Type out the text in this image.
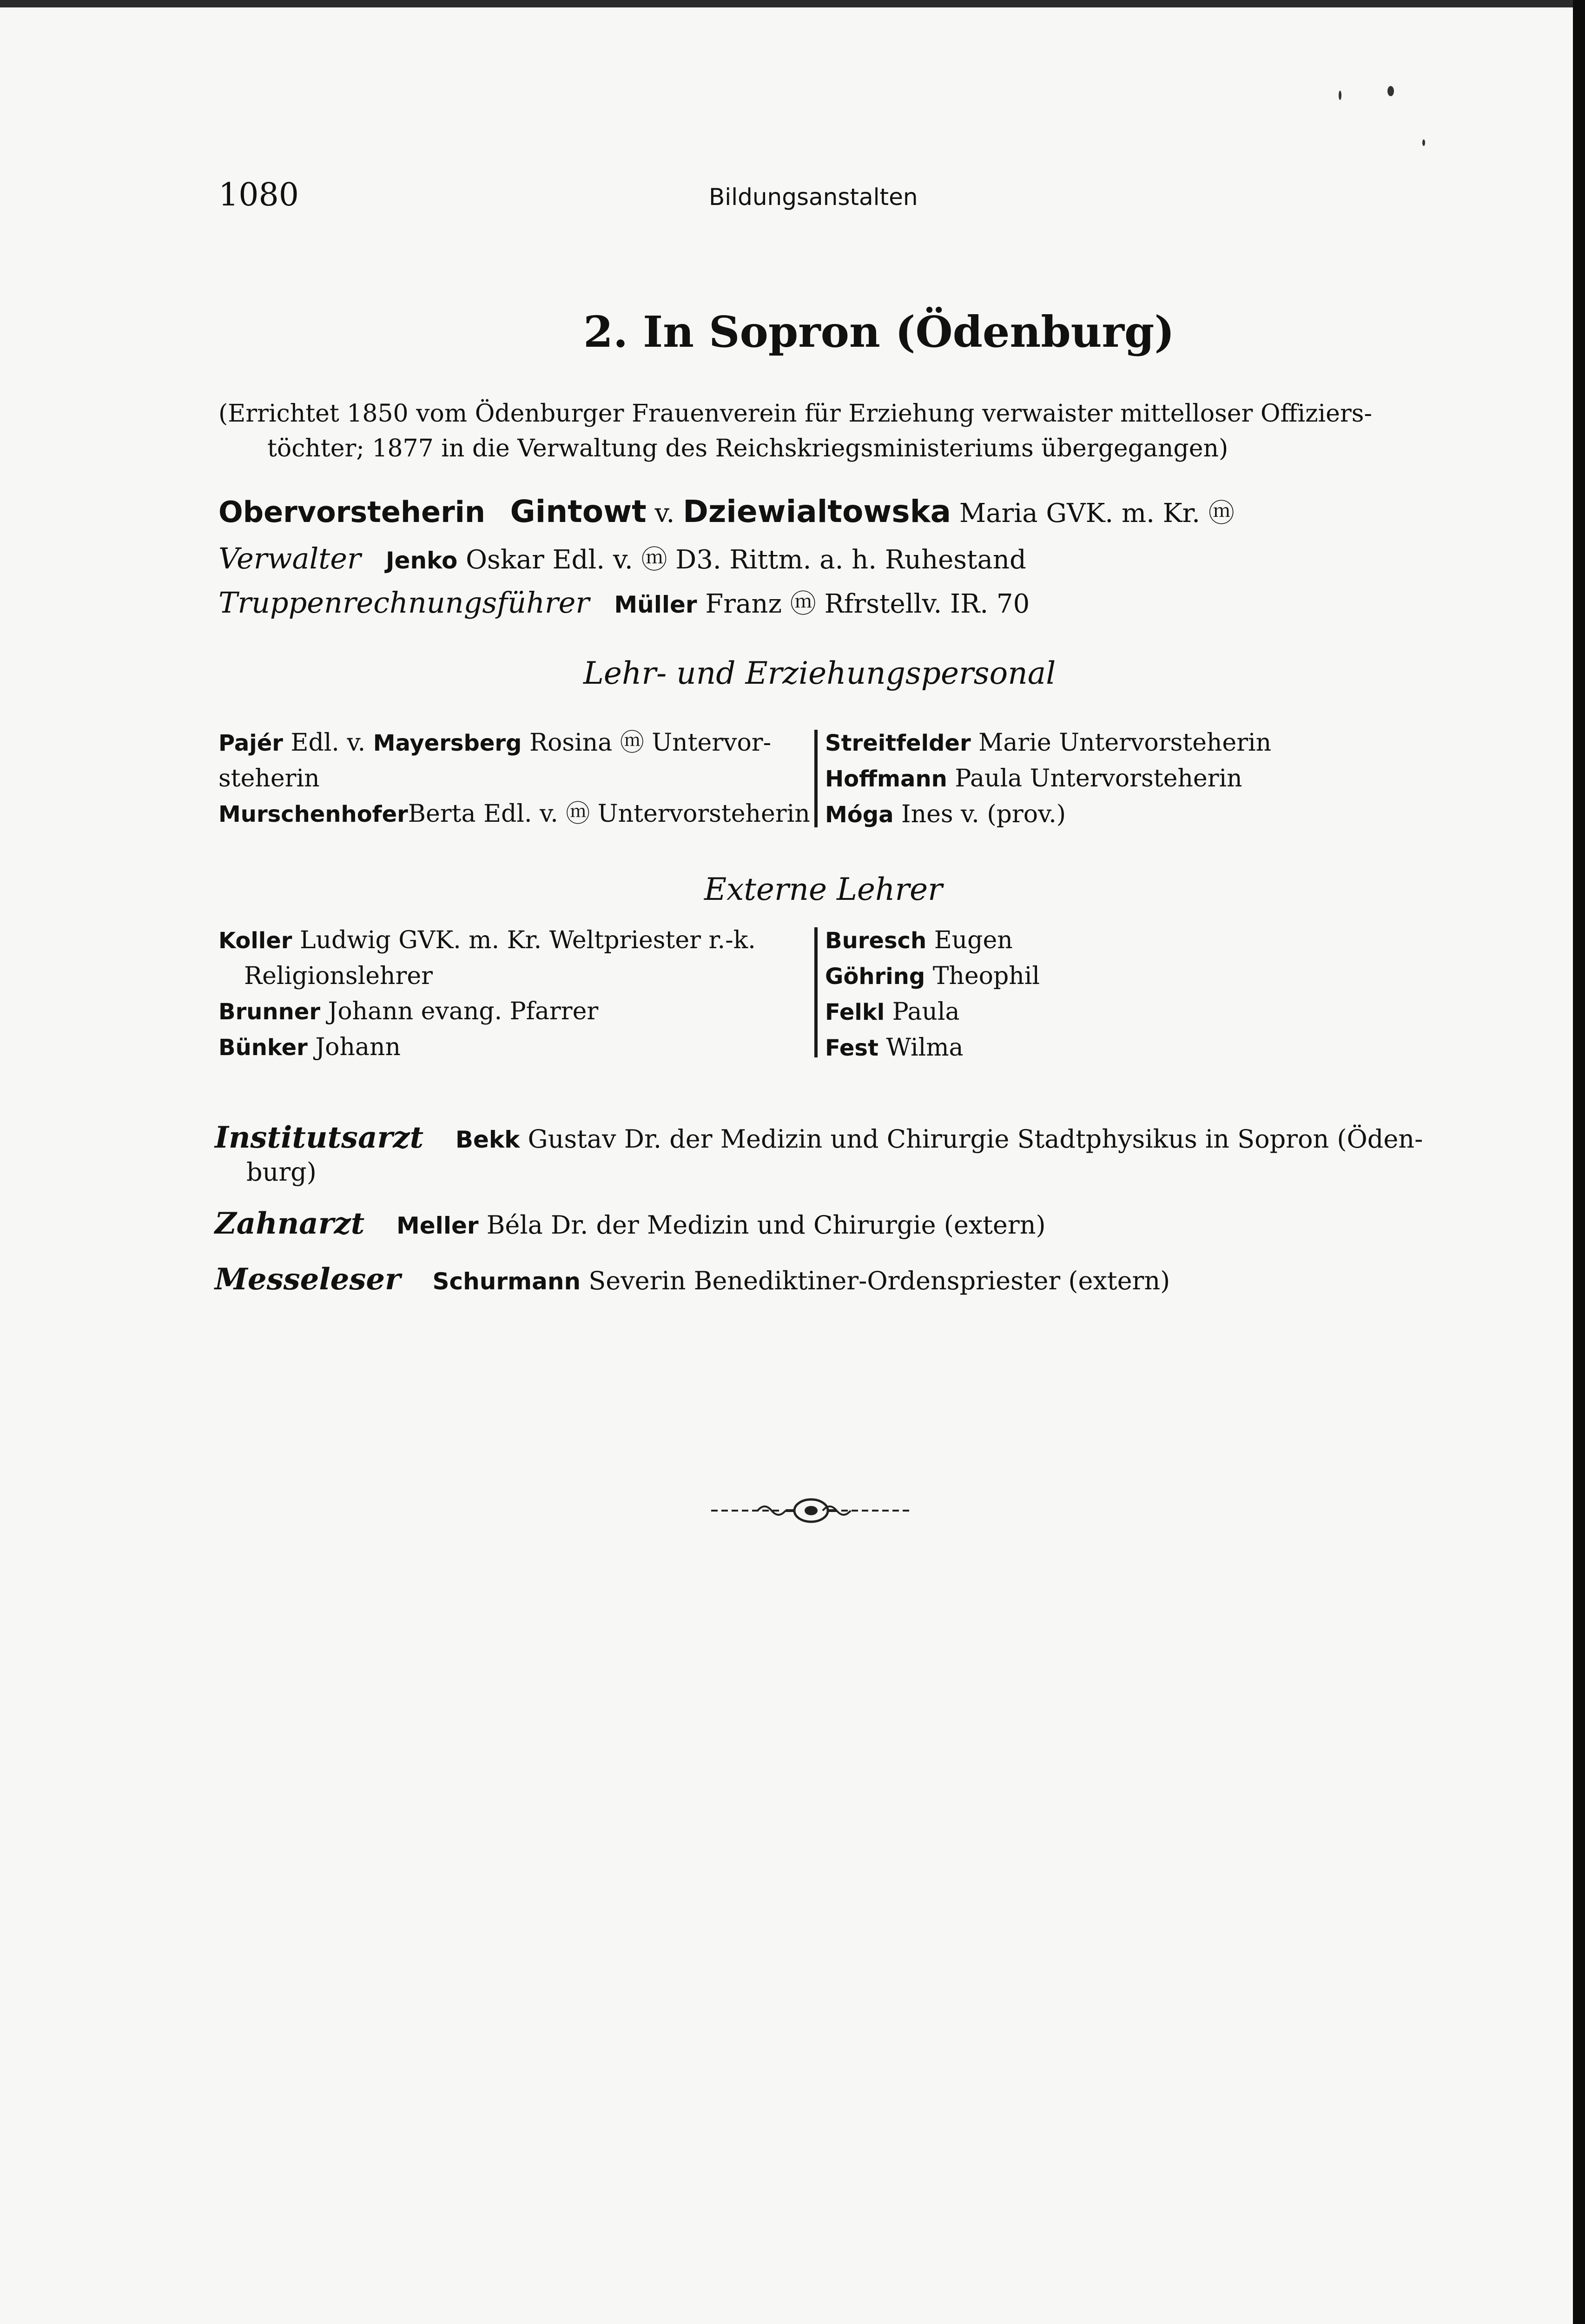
1080	Bildungsanstalten
2. In Sopron (Ödenburg)
(Errichtet 1850 vom Ödenburger Frauenverein für Erziehung verwaister mittelloser Offiziers-
töchter; 1877 in die Verwaltung des Reichskriegsministeriums übergegangen)
Obervorsteherin Gintowt v. Dziewialtowska Maria GVK. m. Kr. ⓜ
Verwalter Jenko Oskar Edl. v. ⓜ D3. Rittm. a. h. Ruhestand
Truppenrechnungsführer Müller Franz ⓜ Rfrstellv. IR. 70
Lehr- und Erziehungspersonal
Pajér Edl. v. Mayersberg Rosina ⓜ Untervor-
steherin
MurschenhoferBerta Edl. v. ⓜ Untervorsteherin
Streitfelder Marie Untervorsteherin
Hoffmann Paula Untervorsteherin
Móga Ines v. (prov.)
Externe Lehrer
Koller Ludwig GVK. m. Kr. Weltpriester r.-k.
Religionslehrer
Brunner Johann evang. Pfarrer
Bünker Johann
Buresch Eugen
Göhring Theophil
Felkl Paula
Fest Wilma
Institutsarzt Bekk Gustav Dr. der Medizin und Chirurgie Stadtphysikus in Sopron (Öden-
burg)
Zahnarzt Meller Béla Dr. der Medizin und Chirurgie (extern)
Messeleser Schurmann Severin Benediktiner-Ordenspriester (extern)
